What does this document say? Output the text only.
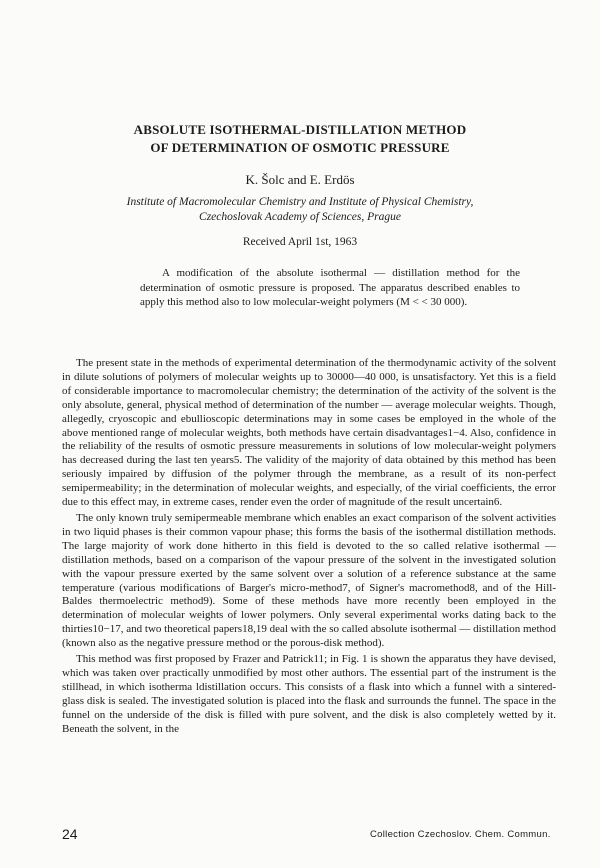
ABSOLUTE ISOTHERMAL-DISTILLATION METHOD
OF DETERMINATION OF OSMOTIC PRESSURE
K. Šolc and E. Erdös
Institute of Macromolecular Chemistry and Institute of Physical Chemistry,
Czechoslovak Academy of Sciences, Prague
Received April 1st, 1963

A modification of the absolute isothermal — distillation method for the determination of osmotic pressure is proposed. The apparatus described enables to apply this method also to low molecular-weight polymers (M < < 30 000).

The present state in the methods of experimental determination of the thermodynamic activity of the solvent in dilute solutions of polymers of molecular weights up to 30000—40 000, is unsatisfactory. Yet this is a field of considerable importance to macromolecular chemistry; the determination of the activity of the solvent is the only absolute, general, physical method of determination of the number — average molecular weights. Though, allegedly, cryoscopic and ebullioscopic determinations may in some cases be employed in the whole of the above mentioned range of molecular weights, both methods have certain disadvantages1−4. Also, confidence in the reliability of the results of osmotic pressure measurements in solutions of low molecular-weight polymers has decreased during the last ten years5. The validity of the majority of data obtained by this method has been seriously impaired by diffusion of the polymer through the membrane, as a result of its non-perfect semipermeability; in the determination of molecular weights, and especially, of the virial coefficients, the error due to this effect may, in extreme cases, render even the order of magnitude of the result uncertain6.

The only known truly semipermeable membrane which enables an exact comparison of the solvent activities in two liquid phases is their common vapour phase; this forms the basis of the isothermal distillation methods. The large majority of work done hitherto in this field is devoted to the so called relative isothermal — distillation methods, based on a comparison of the vapour pressure of the solvent in the investigated solution with the vapour pressure exerted by the same solvent over a solution of a reference substance at the same temperature (various modifications of Barger's micro-method7, of Signer's macromethod8, and of the Hill-Baldes thermoelectric method9). Some of these methods have more recently been employed in the determination of molecular weights of lower polymers. Only several experimental works dating back to the thirties10−17, and two theoretical papers18,19 deal with the so called absolute isothermal — distillation method (known also as the negative pressure method or the porous-disk method).

This method was first proposed by Frazer and Patrick11; in Fig. 1 is shown the apparatus they have devised, which was taken over practically unmodified by most other authors. The essential part of the instrument is the stillhead, in which isotherma ldistillation occurs. This consists of a flask into which a funnel with a sintered-glass disk is sealed. The investigated solution is placed into the flask and surrounds the funnel. The space in the funnel on the underside of the disk is filled with pure solvent, and the disk is also completely wetted by it. Beneath the solvent, in the

24	Collection Czechoslov. Chem. Commun.
